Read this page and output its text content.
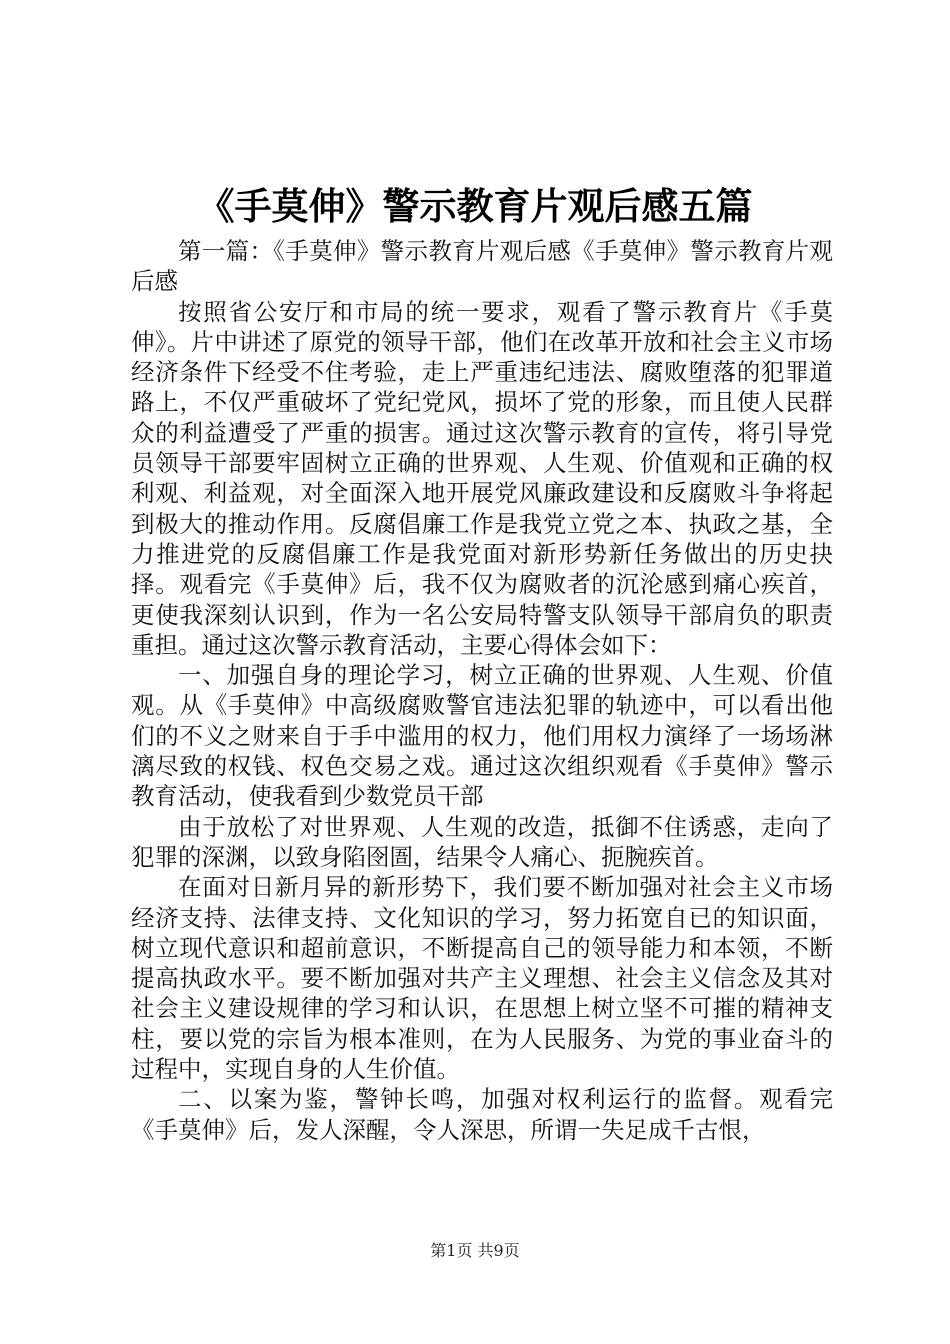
《手莫伸》警示教育片观后感五篇

第一篇：《手莫伸》警示教育片观后感《手莫伸》警示教育片观后感

按照省公安厅和市局的统一要求，观看了警示教育片《手莫伸》。片中讲述了原党的领导干部，他们在改革开放和社会主义市场经济条件下经受不住考验，走上严重违纪违法、腐败堕落的犯罪道路上，不仅严重破坏了党纪党风，损坏了党的形象，而且使人民群众的利益遭受了严重的损害。通过这次警示教育的宣传，将引导党员领导干部要牢固树立正确的世界观、人生观、价值观和正确的权利观、利益观，对全面深入地开展党风廉政建设和反腐败斗争将起到极大的推动作用。反腐倡廉工作是我党立党之本、执政之基，全力推进党的反腐倡廉工作是我党面对新形势新任务做出的历史抉择。观看完《手莫伸》后，我不仅为腐败者的沉沦感到痛心疾首，更使我深刻认识到，作为一名公安局特警支队领导干部肩负的职责重担。通过这次警示教育活动，主要心得体会如下：

一、加强自身的理论学习，树立正确的世界观、人生观、价值观。从《手莫伸》中高级腐败警官违法犯罪的轨迹中，可以看出他们的不义之财来自于手中滥用的权力，他们用权力演绎了一场场淋漓尽致的权钱、权色交易之戏。通过这次组织观看《手莫伸》警示教育活动，使我看到少数党员干部

由于放松了对世界观、人生观的改造，抵御不住诱惑，走向了犯罪的深渊，以致身陷囹圄，结果令人痛心、扼腕疾首。

在面对日新月异的新形势下，我们要不断加强对社会主义市场经济支持、法律支持、文化知识的学习，努力拓宽自已的知识面，树立现代意识和超前意识，不断提高自己的领导能力和本领，不断提高执政水平。要不断加强对共产主义理想、社会主义信念及其对社会主义建设规律的学习和认识，在思想上树立坚不可摧的精神支柱，要以党的宗旨为根本准则，在为人民服务、为党的事业奋斗的过程中，实现自身的人生价值。

二、以案为鉴，警钟长鸣，加强对权利运行的监督。观看完《手莫伸》后，发人深醒，令人深思，所谓一失足成千古恨，

第1页 共9页
